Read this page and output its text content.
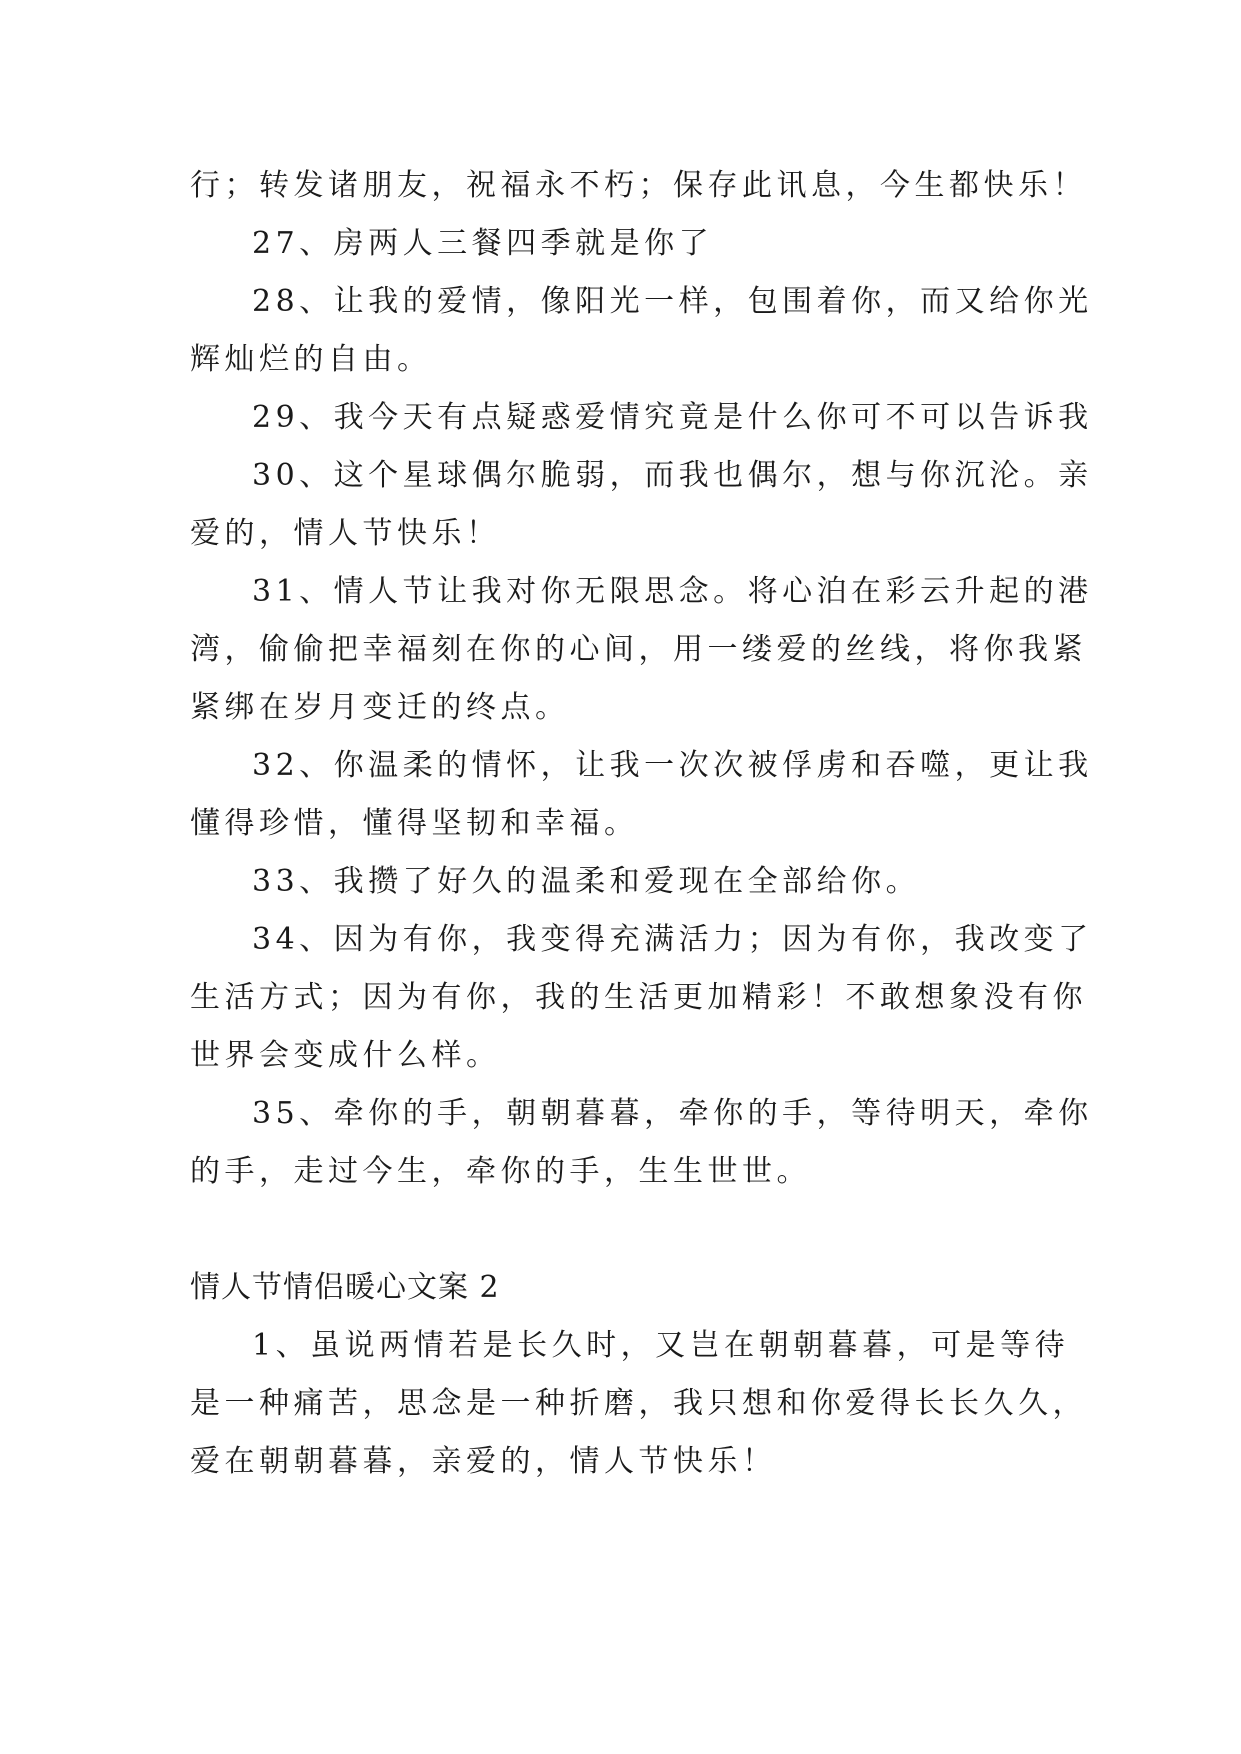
行；转发诸朋友，祝福永不朽；保存此讯息，今生都快乐！
27、房两人三餐四季就是你了
28、让我的爱情，像阳光一样，包围着你，而又给你光
辉灿烂的自由。
29、我今天有点疑惑爱情究竟是什么你可不可以告诉我
30、这个星球偶尔脆弱，而我也偶尔，想与你沉沦。亲
爱的，情人节快乐！
31、情人节让我对你无限思念。将心泊在彩云升起的港
湾，偷偷把幸福刻在你的心间，用一缕爱的丝线，将你我紧
紧绑在岁月变迁的终点。
32、你温柔的情怀，让我一次次被俘虏和吞噬，更让我
懂得珍惜，懂得坚韧和幸福。
33、我攒了好久的温柔和爱现在全部给你。
34、因为有你，我变得充满活力；因为有你，我改变了
生活方式；因为有你，我的生活更加精彩！不敢想象没有你
世界会变成什么样。
35、牵你的手，朝朝暮暮，牵你的手，等待明天，牵你
的手，走过今生，牵你的手，生生世世。
情人节情侣暖心文案 2
1、虽说两情若是长久时，又岂在朝朝暮暮，可是等待
是一种痛苦，思念是一种折磨，我只想和你爱得长长久久，
爱在朝朝暮暮，亲爱的，情人节快乐！
